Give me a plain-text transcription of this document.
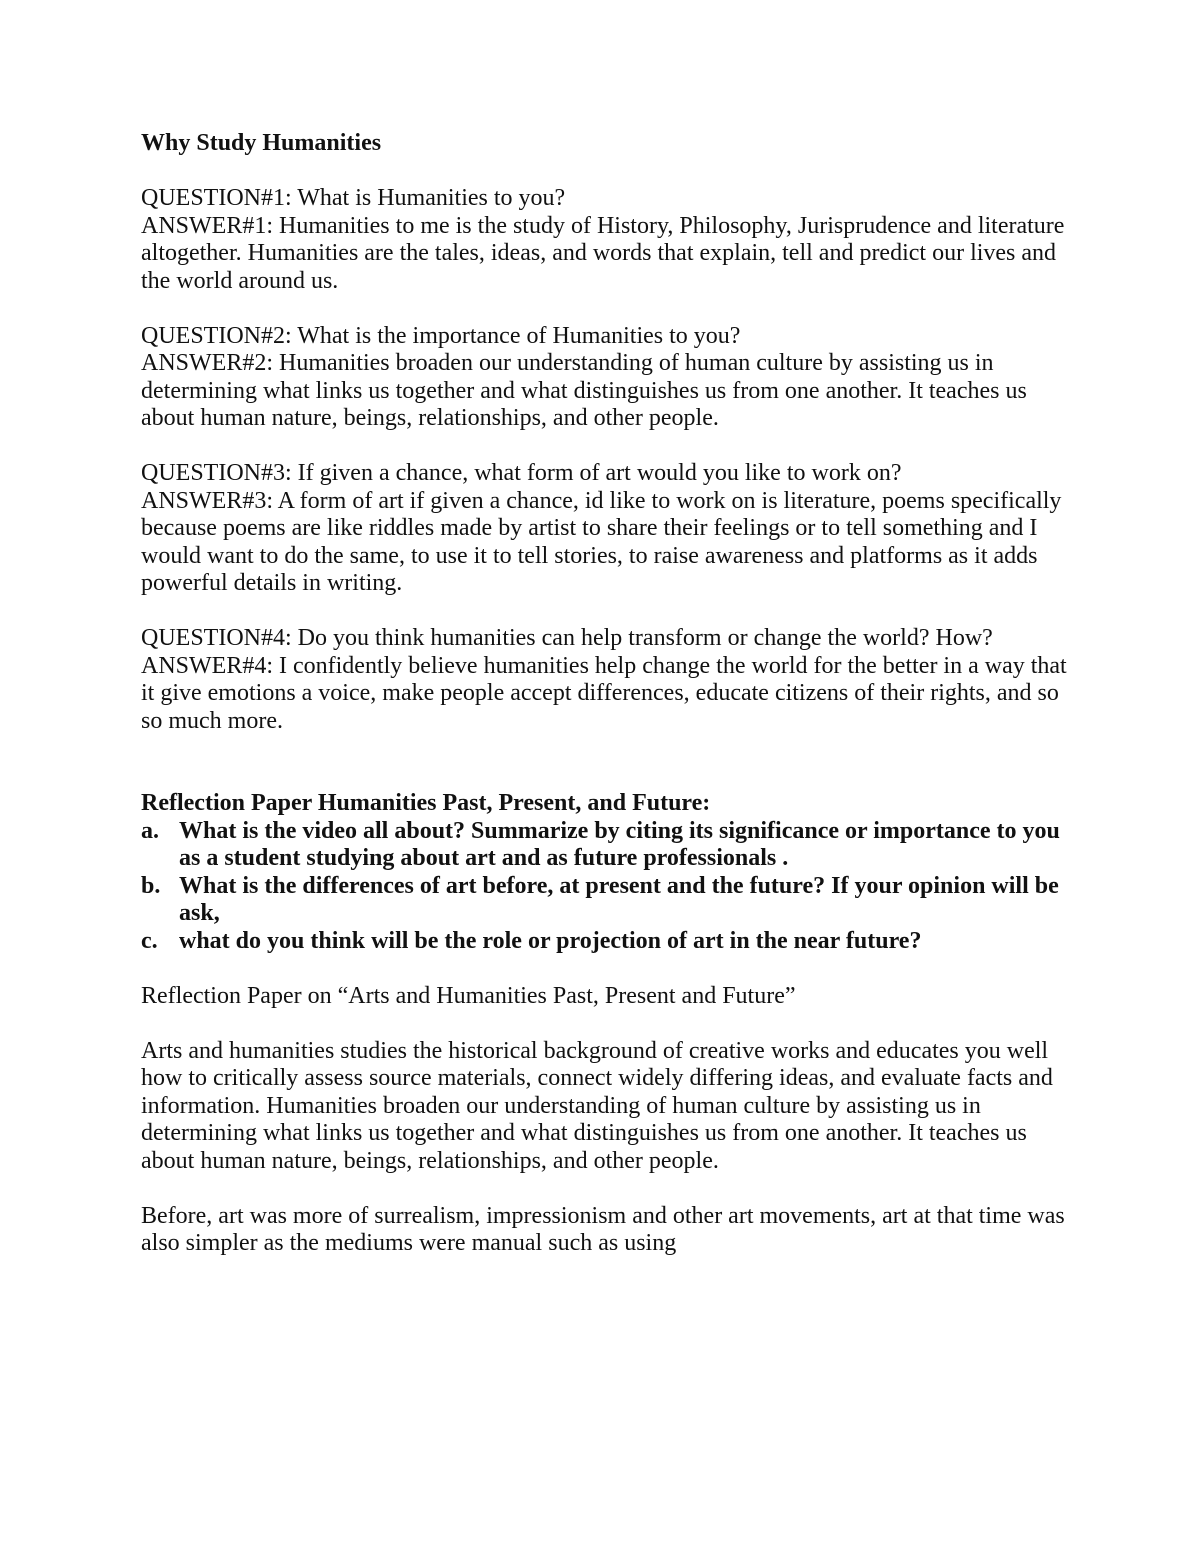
Why Study Humanities

QUESTION#1: What is Humanities to you?

ANSWER#1: Humanities to me is the study of History, Philosophy, Jurisprudence and literature altogether. Humanities are the tales, ideas, and words that explain, tell and predict our lives and the world around us.

QUESTION#2: What is the importance of Humanities to you?

ANSWER#2: Humanities broaden our understanding of human culture by assisting us in determining what links us together and what distinguishes us from one another. It teaches us about human nature, beings, relationships, and other people.

QUESTION#3: If given a chance, what form of art would you like to work on?

ANSWER#3: A form of art if given a chance, id like to work on is literature, poems specifically because poems are like riddles made by artist to share their feelings or to tell something and I would want to do the same, to use it to tell stories, to raise awareness and platforms as it adds powerful details in writing.

QUESTION#4: Do you think humanities can help transform or change the world? How?

ANSWER#4: I confidently believe humanities help change the world for the better in a way that it give emotions a voice, make people accept differences, educate citizens of their rights, and so so much more.

Reflection Paper Humanities Past, Present, and Future:

a. What is the video all about? Summarize by citing its significance or importance to you as a student studying about art and as future professionals .
b. What is the differences of art before, at present and the future? If your opinion will be ask,
c. what do you think will be the role or projection of art in the near future?

Reflection Paper on “Arts and Humanities Past, Present and Future”

Arts and humanities studies the historical background of creative works and educates you well how to critically assess source materials, connect widely differing ideas, and evaluate facts and information. Humanities broaden our understanding of human culture by assisting us in determining what links us together and what distinguishes us from one another. It teaches us about human nature, beings, relationships, and other people.

Before, art was more of surrealism, impressionism and other art movements, art at that time was also simpler as the mediums were manual such as using
